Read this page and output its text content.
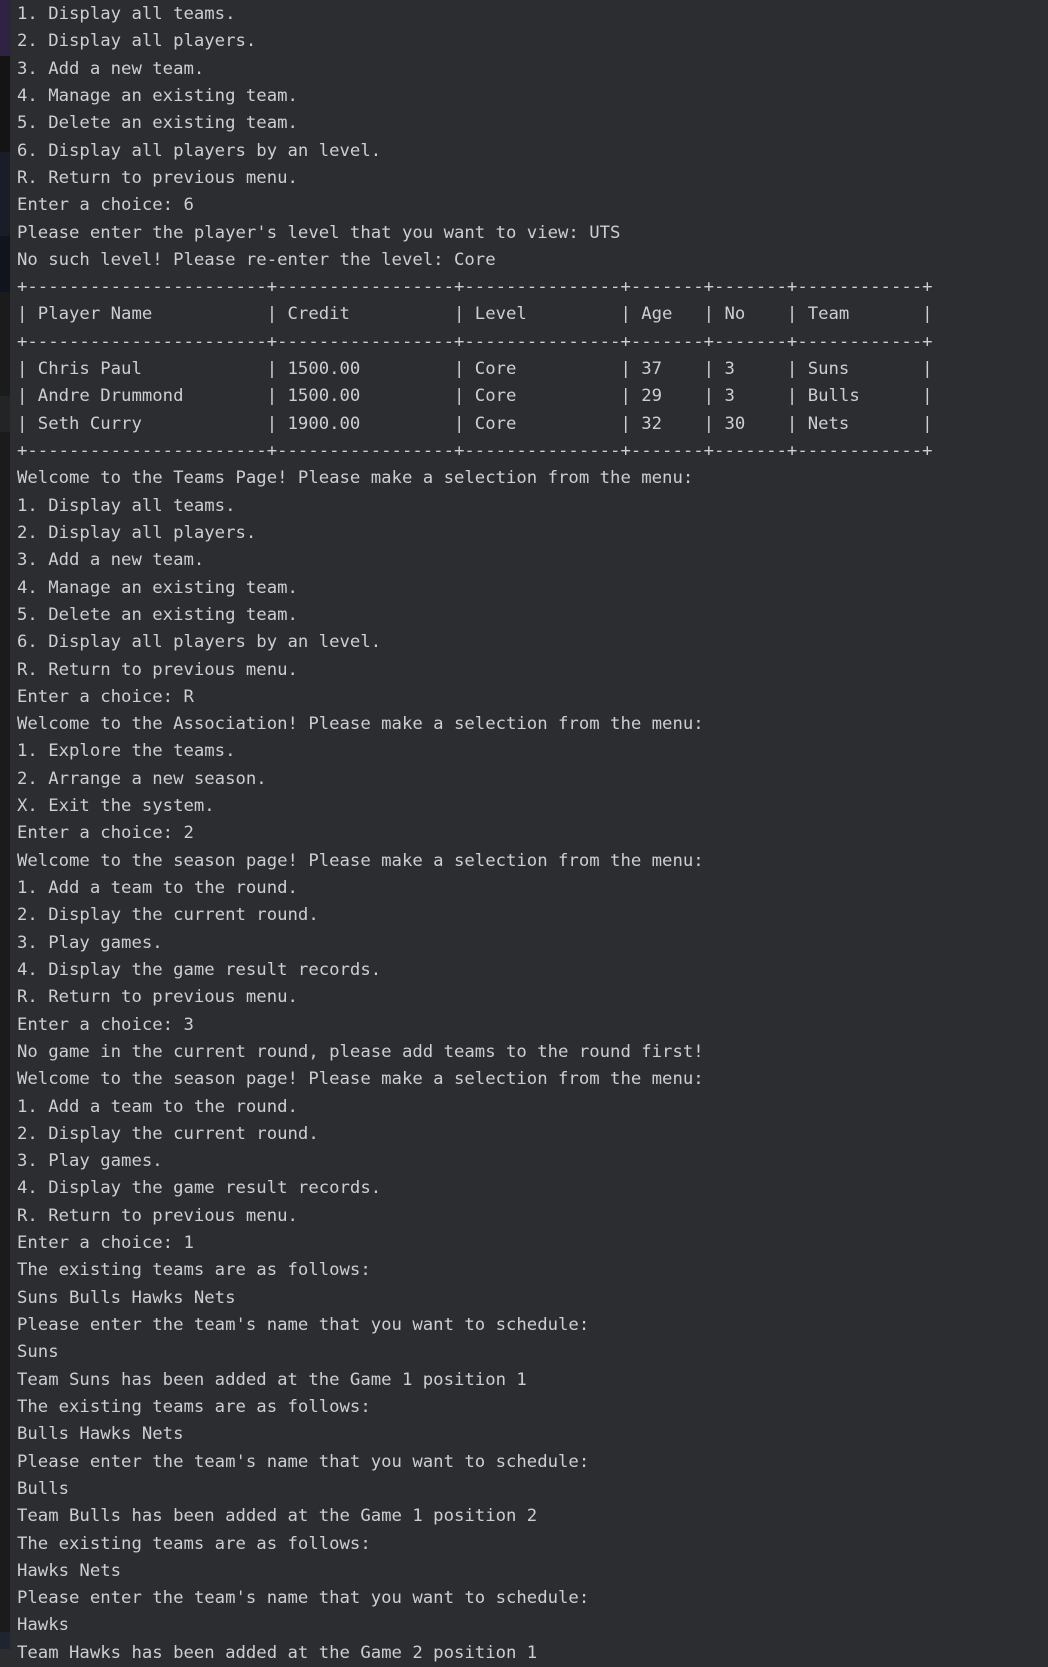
1. Display all teams.
2. Display all players.
3. Add a new team.
4. Manage an existing team.
5. Delete an existing team.
6. Display all players by an level.
R. Return to previous menu.
Enter a choice: 6
Please enter the player's level that you want to view: UTS
No such level! Please re-enter the level: Core
+-----------------------+-----------------+---------------+-------+-------+------------+
| Player Name           | Credit          | Level         | Age   | No    | Team       |
+-----------------------+-----------------+---------------+-------+-------+------------+
| Chris Paul            | 1500.00         | Core          | 37    | 3     | Suns       |
| Andre Drummond        | 1500.00         | Core          | 29    | 3     | Bulls      |
| Seth Curry            | 1900.00         | Core          | 32    | 30    | Nets       |
+-----------------------+-----------------+---------------+-------+-------+------------+
Welcome to the Teams Page! Please make a selection from the menu:
1. Display all teams.
2. Display all players.
3. Add a new team.
4. Manage an existing team.
5. Delete an existing team.
6. Display all players by an level.
R. Return to previous menu.
Enter a choice: R
Welcome to the Association! Please make a selection from the menu:
1. Explore the teams.
2. Arrange a new season.
X. Exit the system.
Enter a choice: 2
Welcome to the season page! Please make a selection from the menu:
1. Add a team to the round.
2. Display the current round.
3. Play games.
4. Display the game result records.
R. Return to previous menu.
Enter a choice: 3
No game in the current round, please add teams to the round first!
Welcome to the season page! Please make a selection from the menu:
1. Add a team to the round.
2. Display the current round.
3. Play games.
4. Display the game result records.
R. Return to previous menu.
Enter a choice: 1
The existing teams are as follows:
Suns Bulls Hawks Nets
Please enter the team's name that you want to schedule:
Suns
Team Suns has been added at the Game 1 position 1
The existing teams are as follows:
Bulls Hawks Nets
Please enter the team's name that you want to schedule:
Bulls
Team Bulls has been added at the Game 1 position 2
The existing teams are as follows:
Hawks Nets
Please enter the team's name that you want to schedule:
Hawks
Team Hawks has been added at the Game 2 position 1
